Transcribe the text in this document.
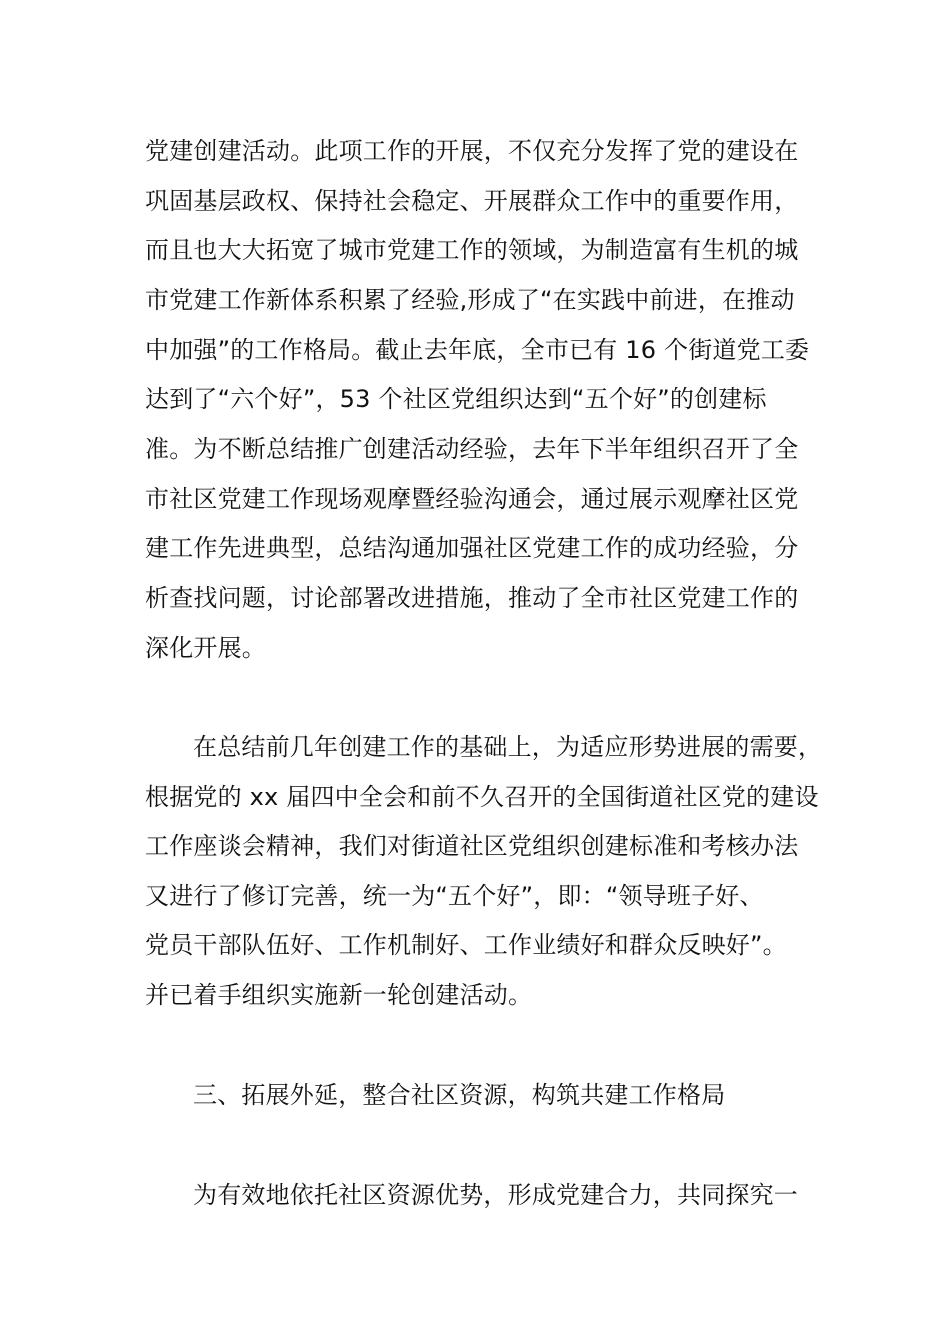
党建创建活动。此项工作的开展，不仅充分发挥了党的建设在
巩固基层政权、保持社会稳定、开展群众工作中的重要作用，
而且也大大拓宽了城市党建工作的领域，为制造富有生机的城
市党建工作新体系积累了经验,形成了“在实践中前进，在推动
中加强”的工作格局。截止去年底，全市已有 16 个街道党工委
达到了“六个好”，53 个社区党组织达到“五个好”的创建标
准。为不断总结推广创建活动经验，去年下半年组织召开了全
市社区党建工作现场观摩暨经验沟通会，通过展示观摩社区党
建工作先进典型，总结沟通加强社区党建工作的成功经验，分
析查找问题，讨论部署改进措施，推动了全市社区党建工作的
深化开展。
在总结前几年创建工作的基础上，为适应形势进展的需要，
根据党的 xx 届四中全会和前不久召开的全国街道社区党的建设
工作座谈会精神，我们对街道社区党组织创建标准和考核办法
又进行了修订完善，统一为“五个好”，即：“领导班子好、
党员干部队伍好、工作机制好、工作业绩好和群众反映好”。
并已着手组织实施新一轮创建活动。
三、拓展外延，整合社区资源，构筑共建工作格局
为有效地依托社区资源优势，形成党建合力，共同探究一
